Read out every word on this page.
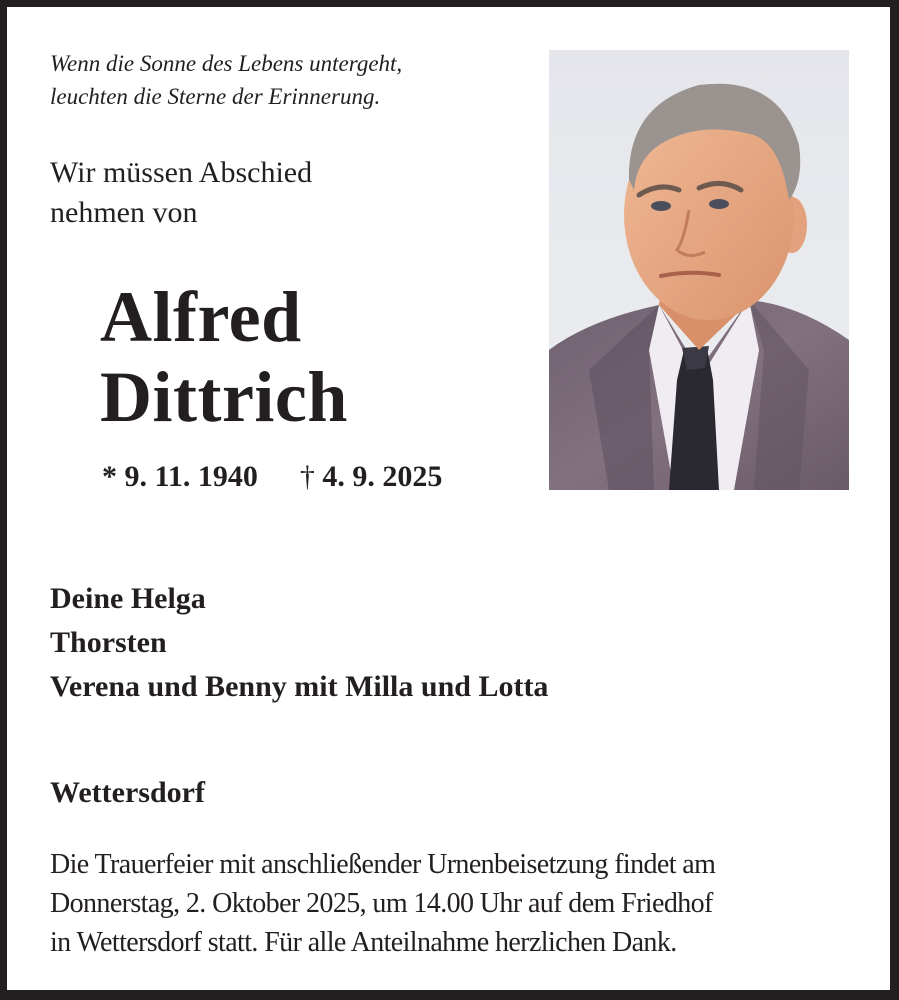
Wenn die Sonne des Lebens untergeht,
leuchten die Sterne der Erinnerung.

Wir müssen Abschied
nehmen von

Alfred
Dittrich
* 9. 11. 1940 † 4. 9. 2025
Deine Helga
Thorsten
Verena und Benny mit Milla und Lotta
Wettersdorf

Die Trauerfeier mit anschließender Urnenbeisetzung findet am
Donnerstag, 2. Oktober 2025, um 14.00 Uhr auf dem Friedhof
in Wettersdorf statt. Für alle Anteilnahme herzlichen Dank.
